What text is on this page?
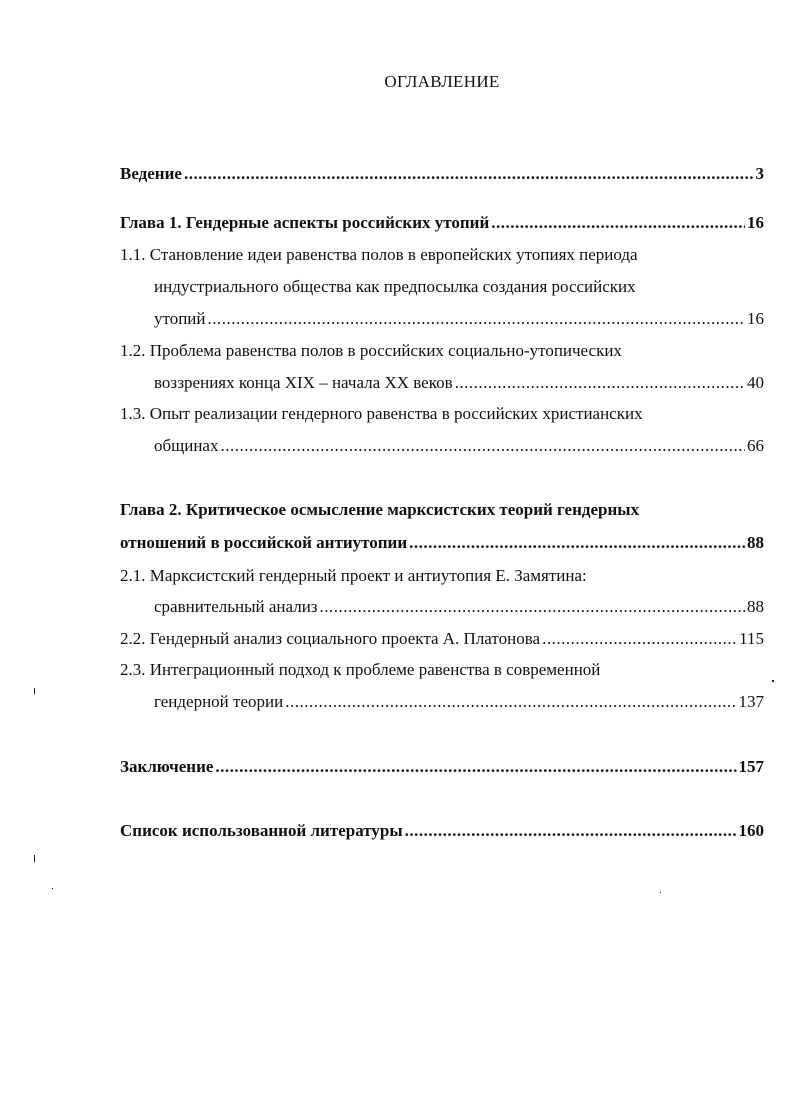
ОГЛАВЛЕНИЕ
Ведение .....	3
Глава 1. Гендерные аспекты российских утопий .....	16
1.1. Становление идеи равенства полов в европейских утопиях периода
индустриального общества как предпосылка создания российских
утопий .....	16
1.2. Проблема равенства полов в российских социально-утопических
воззрениях конца XIX – начала XX веков .....	40
1.3. Опыт реализации гендерного равенства в российских христианских
общинах .....	66
Глава 2. Критическое осмысление марксистских теорий гендерных
отношений в российской антиутопии .....	88
2.1. Марксистский гендерный проект и антиутопия Е. Замятина:
сравнительный анализ .....	88
2.2. Гендерный анализ социального проекта А. Платонова .....	115
2.3. Интеграционный подход к проблеме равенства в современной
гендерной теории .....	137
Заключение .....	157
Список использованной литературы .....	160
